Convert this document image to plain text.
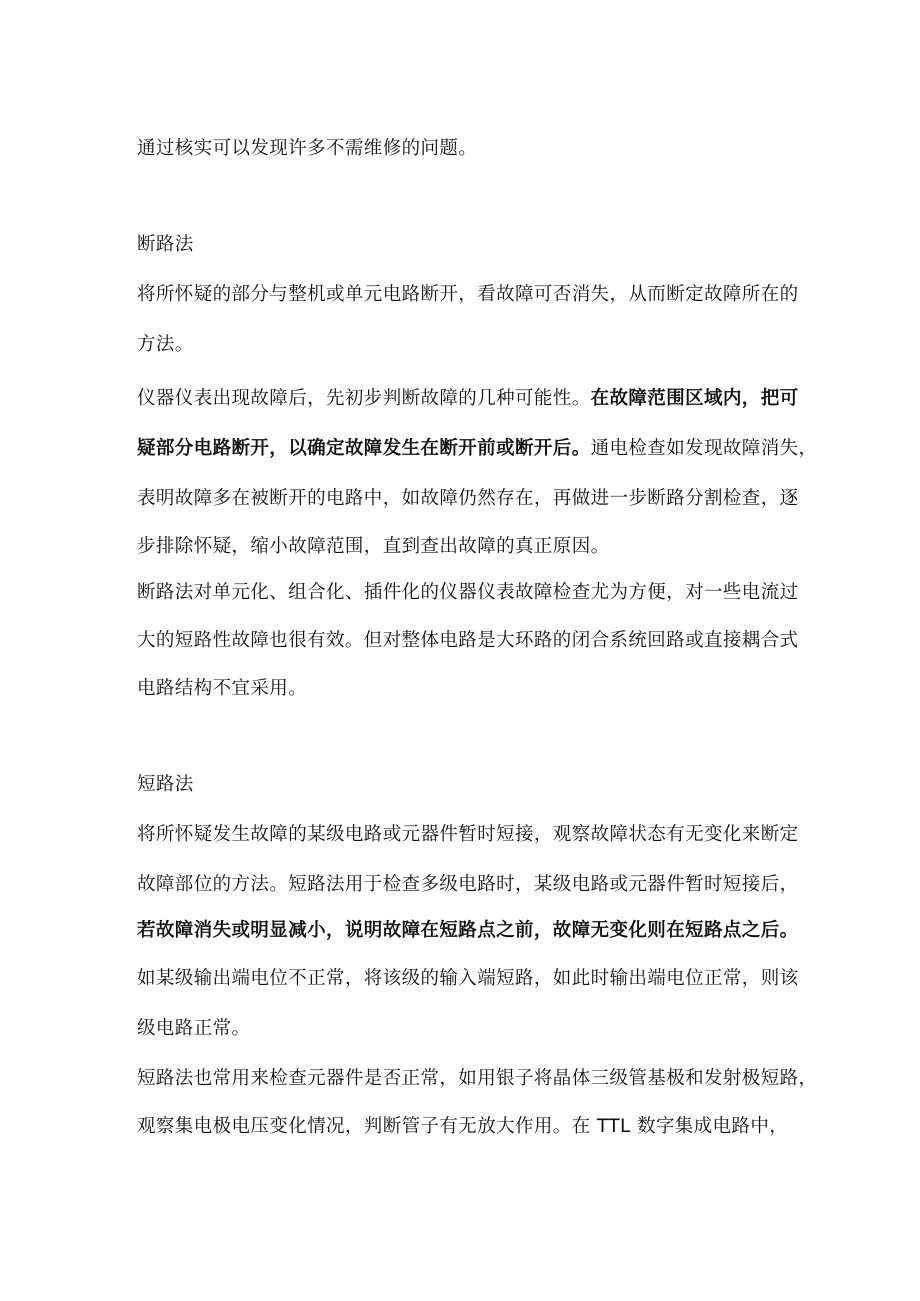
通过核实可以发现许多不需维修的问题。
断路法
将所怀疑的部分与整机或单元电路断开，看故障可否消失，从而断定故障所在的
方法。
仪器仪表出现故障后，先初步判断故障的几种可能性。在故障范围区域内，把可
疑部分电路断开，以确定故障发生在断开前或断开后。通电检查如发现故障消失，
表明故障多在被断开的电路中，如故障仍然存在，再做进一步断路分割检查，逐
步排除怀疑，缩小故障范围，直到查出故障的真正原因。
断路法对单元化、组合化、插件化的仪器仪表故障检查尤为方便，对一些电流过
大的短路性故障也很有效。但对整体电路是大环路的闭合系统回路或直接耦合式
电路结构不宜采用。
短路法
将所怀疑发生故障的某级电路或元器件暂时短接，观察故障状态有无变化来断定
故障部位的方法。短路法用于检查多级电路时，某级电路或元器件暂时短接后，
若故障消失或明显减小，说明故障在短路点之前，故障无变化则在短路点之后。
如某级输出端电位不正常，将该级的输入端短路，如此时输出端电位正常，则该
级电路正常。
短路法也常用来检查元器件是否正常，如用银子将晶体三级管基极和发射极短路，
观察集电极电压变化情况，判断管子有无放大作用。在 TTL 数字集成电路中，
